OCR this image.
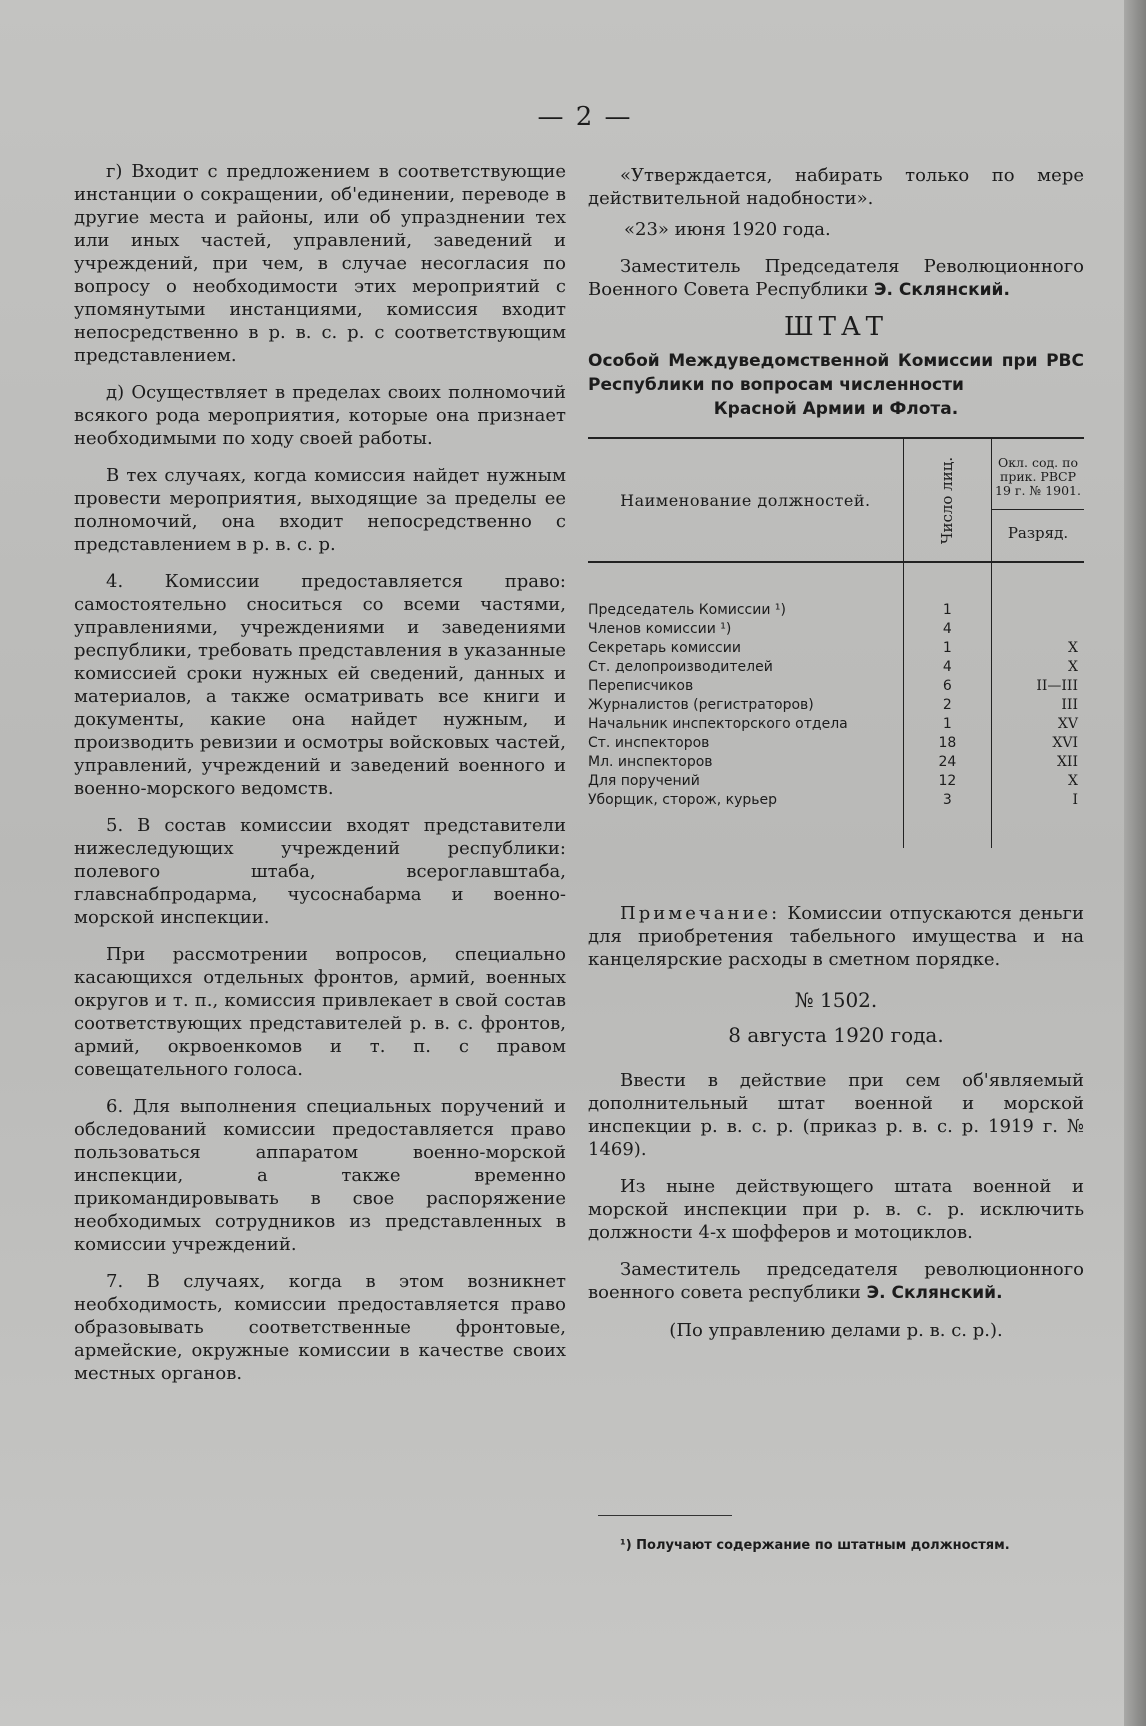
— 2 —

г) Входит с предложением в соответствующие инстанции о сокращении, об'единении, переводе в другие места и районы, или об упразднении тех или иных частей, управлений, заведений и учреждений, при чем, в случае несогласия по вопросу о необходимости этих мероприятий с упомянутыми инстанциями, комиссия входит непосредственно в р. в. с. р. с соответствующим представлением.

д) Осуществляет в пределах своих полномочий всякого рода мероприятия, которые она признает необходимыми по ходу своей работы.

В тех случаях, когда комиссия найдет нужным провести мероприятия, выходящие за пределы ее полномочий, она входит непосредственно с представлением в р. в. с. р.

4. Комиссии предоставляется право: самостоятельно сноситься со всеми частями, управлениями, учреждениями и заведениями республики, требовать представления в указанные комиссией сроки нужных ей сведений, данных и материалов, а также осматривать все книги и документы, какие она найдет нужным, и производить ревизии и осмотры войсковых частей, управлений, учреждений и заведений военного и военно-морского ведомств.

5. В состав комиссии входят представители нижеследующих учреждений республики: полевого штаба, всероглавштаба, главснабпродарма, чусоснабарма и военно-морской инспекции.

При рассмотрении вопросов, специально касающихся отдельных фронтов, армий, военных округов и т. п., комиссия привлекает в свой состав соответствующих представителей р. в. с. фронтов, армий, окрвоенкомов и т. п. с правом совещательного голоса.

6. Для выполнения специальных поручений и обследований комиссии предоставляется право пользоваться аппаратом военно-морской инспекции, а также временно прикомандировывать в свое распоряжение необходимых сотрудников из представленных в комиссии учреждений.

7. В случаях, когда в этом возникнет необходимость, комиссии предоставляется право образовывать соответственные фронтовые, армейские, окружные комиссии в качестве своих местных органов.

«Утверждается, набирать только по мере действительной надобности».

«23» июня 1920 года.

Заместитель Председателя Революционного Военного Совета Республики Э. Склянский.

ШТАТ
Особой Междуведомственной Комиссии при РВС Республики по вопросам численности
Красной Армии и Флота.
Наименование должностей.	Число лиц.	Окл. сод. по прик. РВСР 19 г. № 1901.
Разряд.

Председатель Комиссии ¹)	1	
Членов комиссии ¹)	4	
Секретарь комиссии	1	X
Ст. делопроизводителей	4	X
Переписчиков	6	II—III
Журналистов (регистраторов)	2	III
Начальник инспекторского отдела	1	XV
Ст. инспекторов	18	XVI
Мл. инспекторов	24	XII
Для поручений	12	X
Уборщик, сторож, курьер	3	I

Примечание: Комиссии отпускаются деньги для приобретения табельного имущества и на канцелярские расходы в сметном порядке.

№ 1502.
8 августа 1920 года.

Ввести в действие при сем об'являемый дополнительный штат военной и морской инспекции р. в. с. р. (приказ р. в. с. р. 1919 г. № 1469).

Из ныне действующего штата военной и морской инспекции при р. в. с. р. исключить должности 4-х шофферов и мотоциклов.

Заместитель председателя революционного военного совета республики Э. Склянский.

(По управлению делами р. в. с. р.).

¹) Получают содержание по штатным должностям.
